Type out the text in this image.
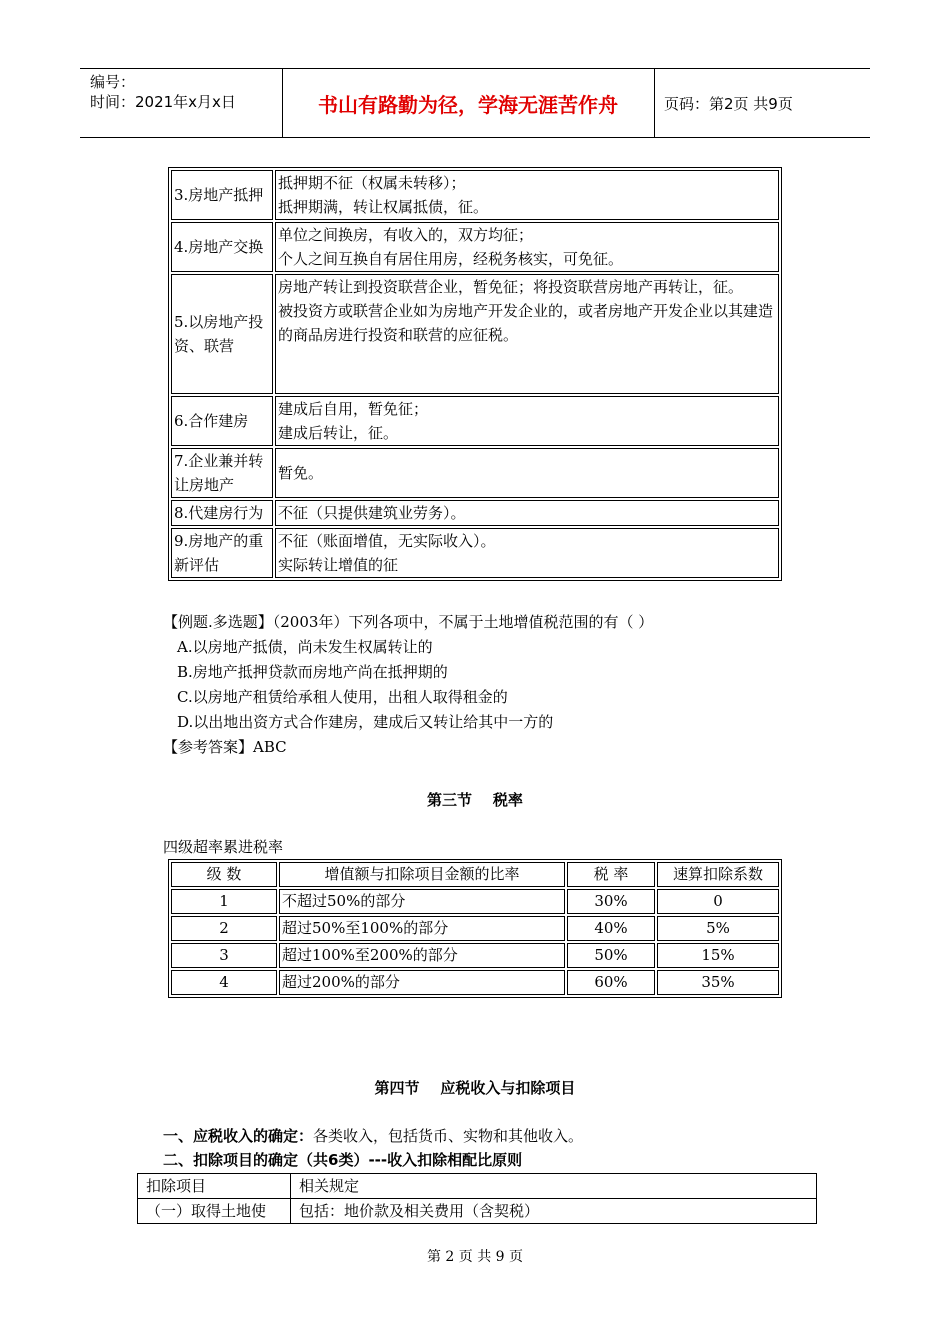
编号：
时间：2021年x月x日	书山有路勤为径，学海无涯苦作舟	页码：第2页 共9页
3.房地产抵押	抵押期不征（权属未转移）；
抵押期满，转让权属抵债，征。

4.房地产交换	单位之间换房，有收入的，双方均征；
个人之间互换自有居住用房，经税务核实，可免征。

5.以房地产投资、联营	房地产转让到投资联营企业，暂免征；将投资联营房地产再转让，征。
被投资方或联营企业如为房地产开发企业的，或者房地产开发企业以其建造的商品房进行投资和联营的应征税。

6.合作建房	建成后自用，暂免征；
建成后转让，征。

7.企业兼并转让房地产	暂免。

8.代建房行为	不征（只提供建筑业劳务）。

9.房地产的重新评估	不征（账面增值，无实际收入）。
实际转让增值的征
【例题.多选题】（2003年）下列各项中，不属于土地增值税范围的有（ ）
A.以房地产抵债，尚未发生权属转让的
B.房地产抵押贷款而房地产尚在抵押期的
C.以房地产租赁给承租人使用，出租人取得租金的
D.以出地出资方式合作建房，建成后又转让给其中一方的
【参考答案】ABC
第三节    税率
四级超率累进税率
级 数	增值额与扣除项目金额的比率	税 率	速算扣除系数
1	不超过50%的部分	30%	0
2	超过50%至100%的部分	40%	5%
3	超过100%至200%的部分	50%	15%
4	超过200%的部分	60%	35%
第四节    应税收入与扣除项目
一、应税收入的确定：各类收入，包括货币、实物和其他收入。
二、扣除项目的确定（共6类）---收入扣除相配比原则
扣除项目	相关规定
（一）取得土地使	包括：地价款及相关费用（含契税）
第 2 页 共 9 页
